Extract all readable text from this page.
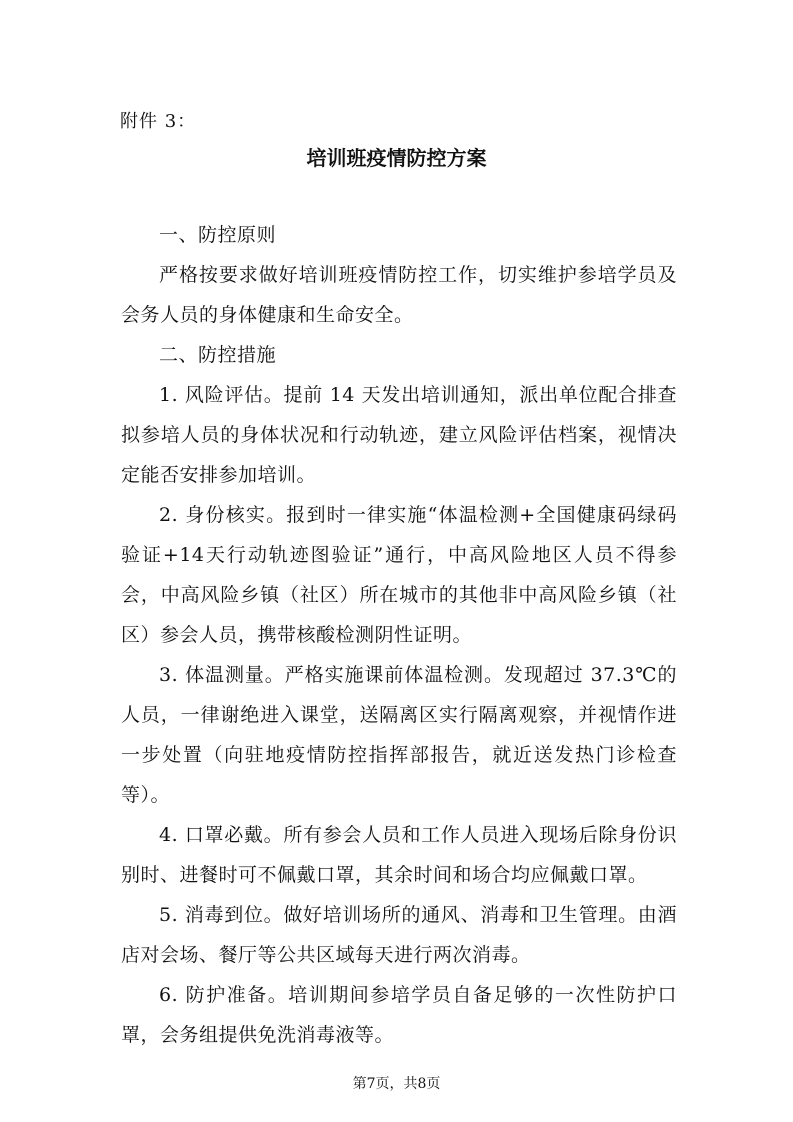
附件 3：
培训班疫情防控方案

一、防控原则

严格按要求做好培训班疫情防控工作，切实维护参培学员及会务人员的身体健康和生命安全。

二、防控措施

1. 风险评估。提前 14 天发出培训通知，派出单位配合排查拟参培人员的身体状况和行动轨迹，建立风险评估档案，视情决定能否安排参加培训。

2. 身份核实。报到时一律实施“体温检测+全国健康码绿码验证+14天行动轨迹图验证”通行，中高风险地区人员不得参会，中高风险乡镇（社区）所在城市的其他非中高风险乡镇（社区）参会人员，携带核酸检测阴性证明。

3. 体温测量。严格实施课前体温检测。发现超过 37.3℃的人员，一律谢绝进入课堂，送隔离区实行隔离观察，并视情作进一步处置（向驻地疫情防控指挥部报告，就近送发热门诊检查等）。

4. 口罩必戴。所有参会人员和工作人员进入现场后除身份识别时、进餐时可不佩戴口罩，其余时间和场合均应佩戴口罩。

5. 消毒到位。做好培训场所的通风、消毒和卫生管理。由酒店对会场、餐厅等公共区域每天进行两次消毒。

6. 防护准备。培训期间参培学员自备足够的一次性防护口罩，会务组提供免洗消毒液等。

第7页，共8页
